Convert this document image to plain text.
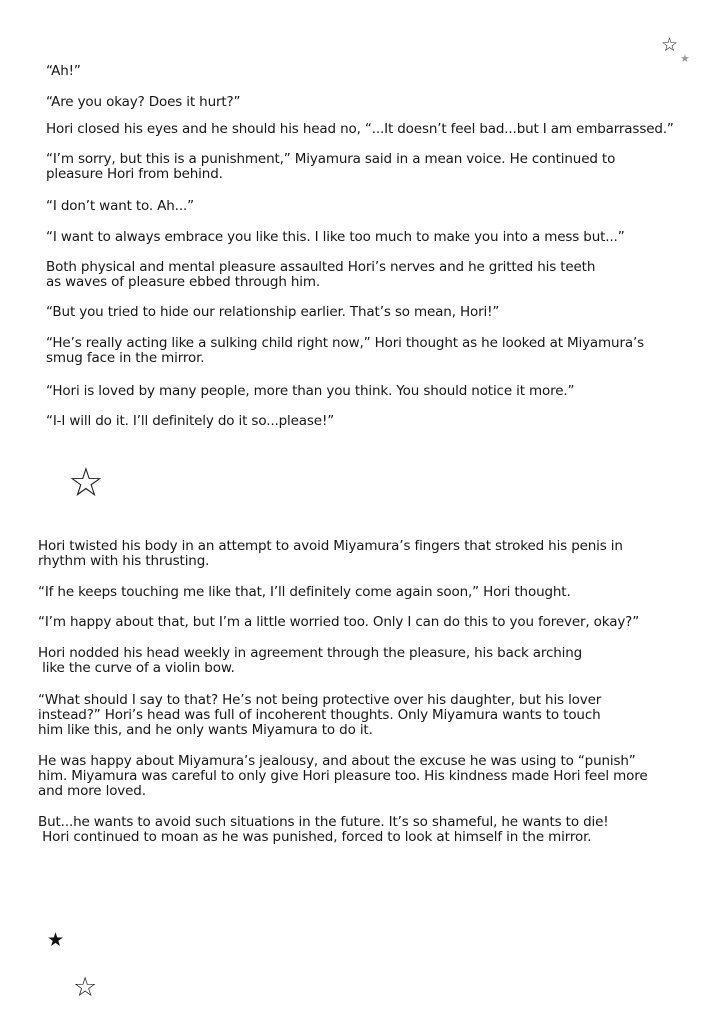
☆
★
☆
★
☆

“Ah!”

“Are you okay? Does it hurt?”

Hori closed his eyes and he should his head no, “...It doesn’t feel bad...but I am embarrassed.”

“I’m sorry, but this is a punishment,” Miyamura said in a mean voice. He continued to
pleasure Hori from behind.

“I don’t want to. Ah...”

“I want to always embrace you like this. I like too much to make you into a mess but...”

Both physical and mental pleasure assaulted Hori’s nerves and he gritted his teeth
as waves of pleasure ebbed through him.

“But you tried to hide our relationship earlier. That’s so mean, Hori!”

“He’s really acting like a sulking child right now,” Hori thought as he looked at Miyamura’s
smug face in the mirror.

“Hori is loved by many people, more than you think. You should notice it more.”

“I-I will do it. I’ll definitely do it so...please!”

Hori twisted his body in an attempt to avoid Miyamura’s fingers that stroked his penis in
rhythm with his thrusting.

“If he keeps touching me like that, I’ll definitely come again soon,” Hori thought.

“I’m happy about that, but I’m a little worried too. Only I can do this to you forever, okay?”

Hori nodded his head weekly in agreement through the pleasure, his back arching
like the curve of a violin bow.

“What should I say to that? He’s not being protective over his daughter, but his lover
instead?” Hori’s head was full of incoherent thoughts. Only Miyamura wants to touch
him like this, and he only wants Miyamura to do it.

He was happy about Miyamura’s jealousy, and about the excuse he was using to “punish”
him. Miyamura was careful to only give Hori pleasure too. His kindness made Hori feel more
and more loved.

But...he wants to avoid such situations in the future. It’s so shameful, he wants to die!
Hori continued to moan as he was punished, forced to look at himself in the mirror.
